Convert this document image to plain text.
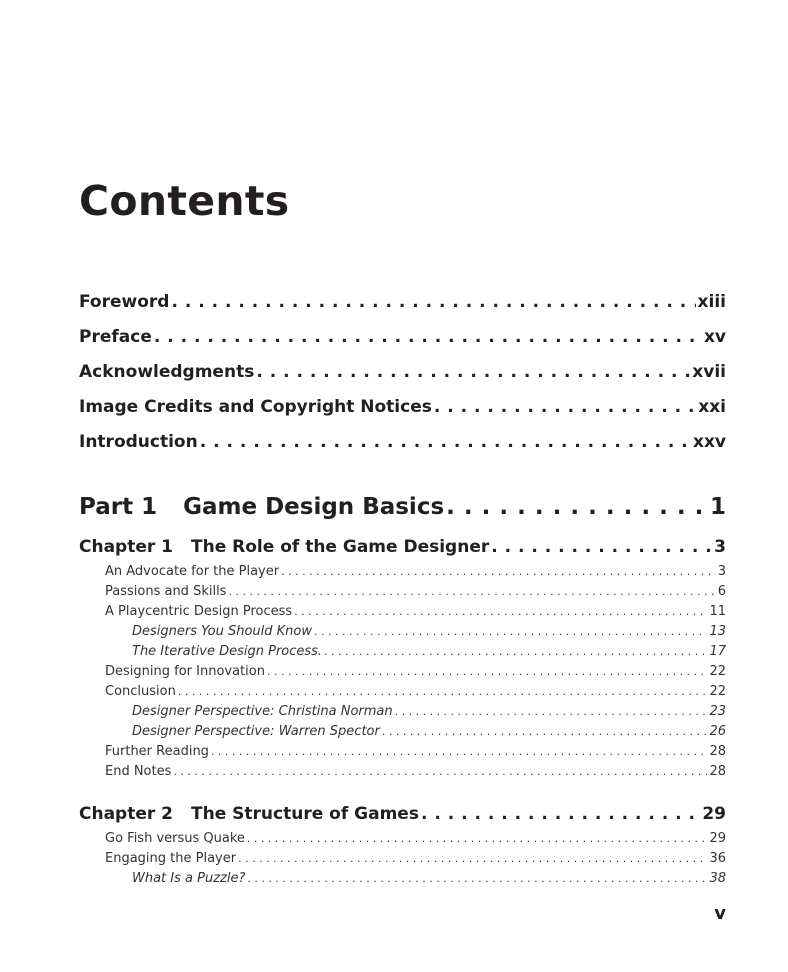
Contents
Foreword . . .	xiii
Preface . . .	xv
Acknowledgments . . .	xvii
Image Credits and Copyright Notices . . .	xxi
Introduction . . .	xxv
Part 1 Game Design Basics . . .	1
Chapter 1 The Role of the Game Designer . . .	3
An Advocate for the Player . . .	3
Passions and Skills . . .	6
A Playcentric Design Process . . .	11
Designers You Should Know . . .	13
The Iterative Design Process. . . .	17
Designing for Innovation . . .	22
Conclusion . . .	22
Designer Perspective: Christina Norman . . .	23
Designer Perspective: Warren Spector . . .	26
Further Reading . . .	28
End Notes . . .	28
Chapter 2 The Structure of Games . . .	29
Go Fish versus Quake . . .	29
Engaging the Player . . .	36
What Is a Puzzle? . . .	38
v
